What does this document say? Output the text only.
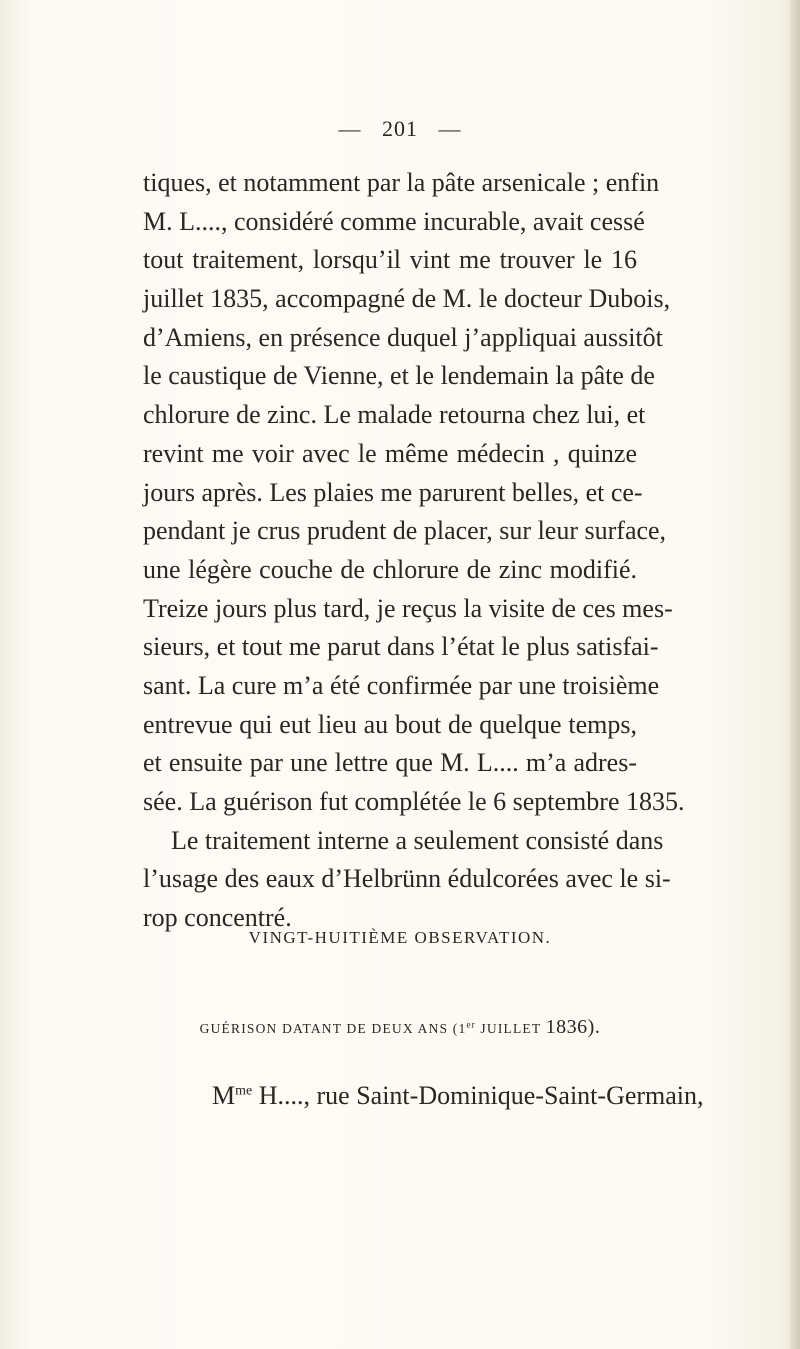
— 201 —
tiques, et notamment par la pâte arsenicale ; enfin
M. L...., considéré comme incurable, avait cessé
tout traitement, lorsqu’il vint me trouver le 16
juillet 1835, accompagné de M. le docteur Dubois,
d’Amiens, en présence duquel j’appliquai aussitôt
le caustique de Vienne, et le lendemain la pâte de
chlorure de zinc. Le malade retourna chez lui, et
revint me voir avec le même médecin , quinze
jours après. Les plaies me parurent belles, et ce-
pendant je crus prudent de placer, sur leur surface,
une légère couche de chlorure de zinc modifié.
Treize jours plus tard, je reçus la visite de ces mes-
sieurs, et tout me parut dans l’état le plus satisfai-
sant. La cure m’a été confirmée par une troisième
entrevue qui eut lieu au bout de quelque temps,
et ensuite par une lettre que M. L.... m’a adres-
sée. La guérison fut complétée le 6 septembre 1835.
Le traitement interne a seulement consisté dans
l’usage des eaux d’Helbrünn édulcorées avec le si-
rop concentré.
VINGT-HUITIÈME OBSERVATION.
GUÉRISON DATANT DE DEUX ANS (1er JUILLET 1836).
$M^{me}$ H...., rue Saint-Dominique-Saint-Germain,
